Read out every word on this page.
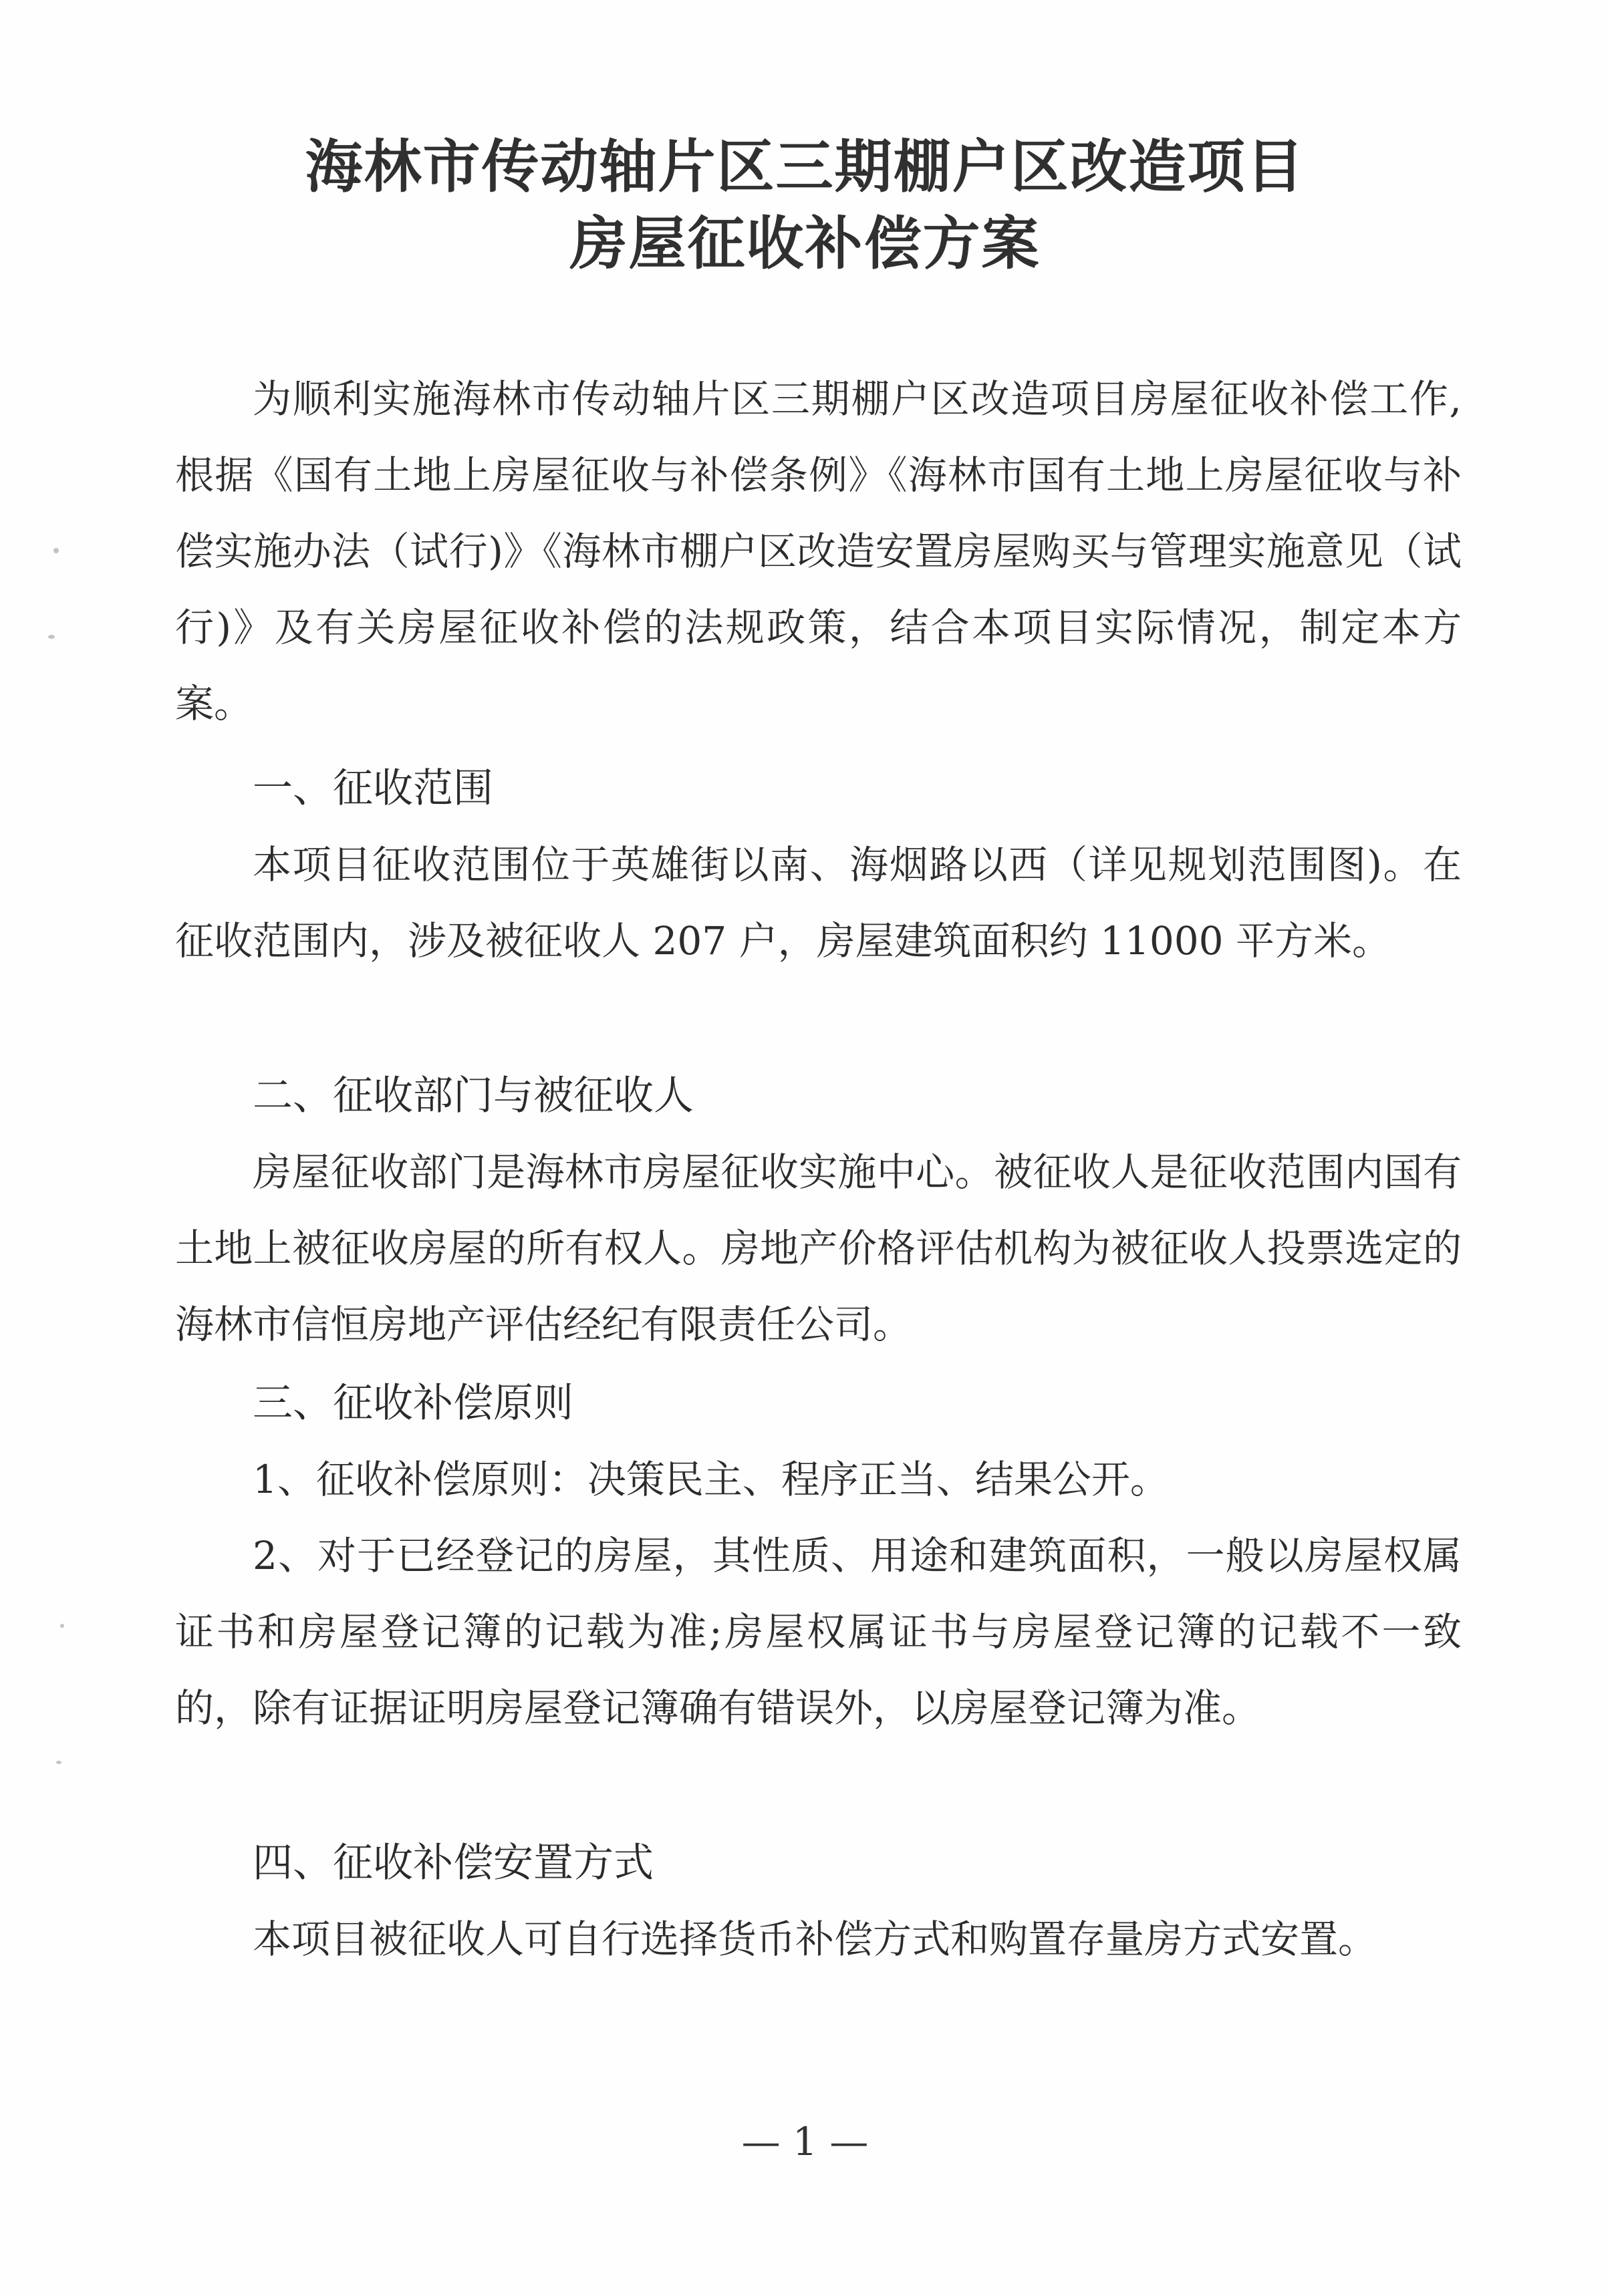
海林市传动轴片区三期棚户区改造项目
房屋征收补偿方案

为顺利实施海林市传动轴片区三期棚户区改造项目房屋征收补偿工作,根据《国有土地上房屋征收与补偿条例》《海林市国有土地上房屋征收与补偿实施办法（试行)》《海林市棚户区改造安置房屋购买与管理实施意见（试行)》及有关房屋征收补偿的法规政策，结合本项目实际情况，制定本方案。

一、征收范围

本项目征收范围位于英雄街以南、海烟路以西（详见规划范围图)。在征收范围内，涉及被征收人 207 户，房屋建筑面积约 11000 平方米。

二、征收部门与被征收人

房屋征收部门是海林市房屋征收实施中心。被征收人是征收范围内国有土地上被征收房屋的所有权人。房地产价格评估机构为被征收人投票选定的海林市信恒房地产评估经纪有限责任公司。

三、征收补偿原则

1、征收补偿原则：决策民主、程序正当、结果公开。

2、对于已经登记的房屋，其性质、用途和建筑面积，一般以房屋权属证书和房屋登记簿的记载为准;房屋权属证书与房屋登记簿的记载不一致的，除有证据证明房屋登记簿确有错误外，以房屋登记簿为准。

四、征收补偿安置方式

本项目被征收人可自行选择货币补偿方式和购置存量房方式安置。

— 1 —
